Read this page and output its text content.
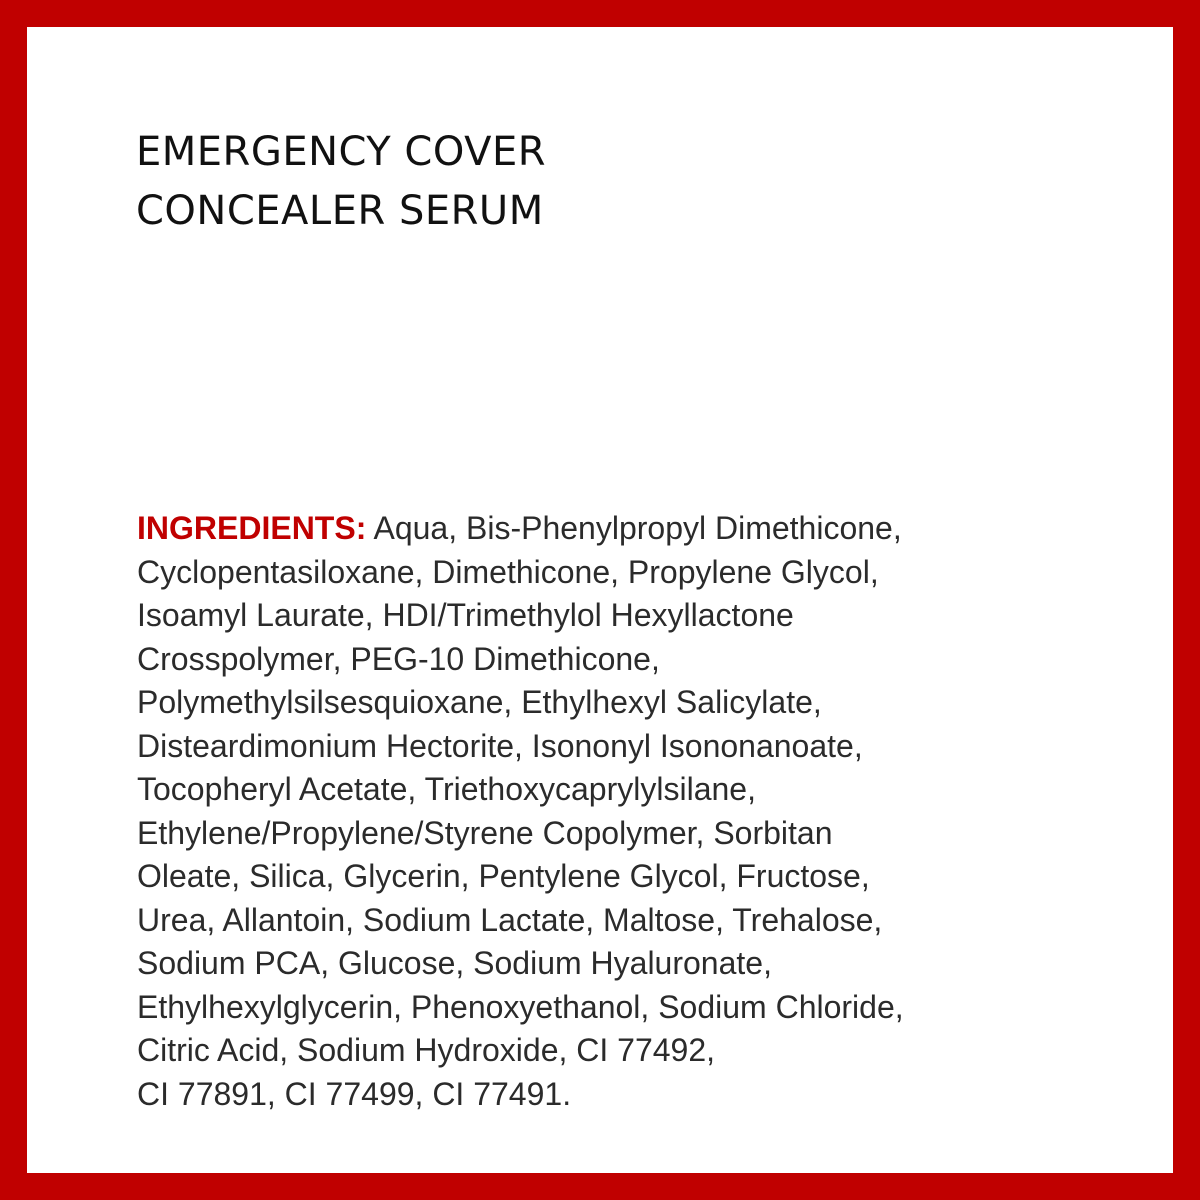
EMERGENCY COVER
CONCEALER SERUM

INGREDIENTS: Aqua, Bis-Phenylpropyl Dimethicone,
Cyclopentasiloxane, Dimethicone, Propylene Glycol,
Isoamyl Laurate, HDI/Trimethylol Hexyllactone
Crosspolymer, PEG-10 Dimethicone,
Polymethylsilsesquioxane, Ethylhexyl Salicylate,
Disteardimonium Hectorite, Isononyl Isononanoate,
Tocopheryl Acetate, Triethoxycaprylylsilane,
Ethylene/Propylene/Styrene Copolymer, Sorbitan
Oleate, Silica, Glycerin, Pentylene Glycol, Fructose,
Urea, Allantoin, Sodium Lactate, Maltose, Trehalose,
Sodium PCA, Glucose, Sodium Hyaluronate,
Ethylhexylglycerin, Phenoxyethanol, Sodium Chloride,
Citric Acid, Sodium Hydroxide, CI 77492,
CI 77891, CI 77499, CI 77491.
